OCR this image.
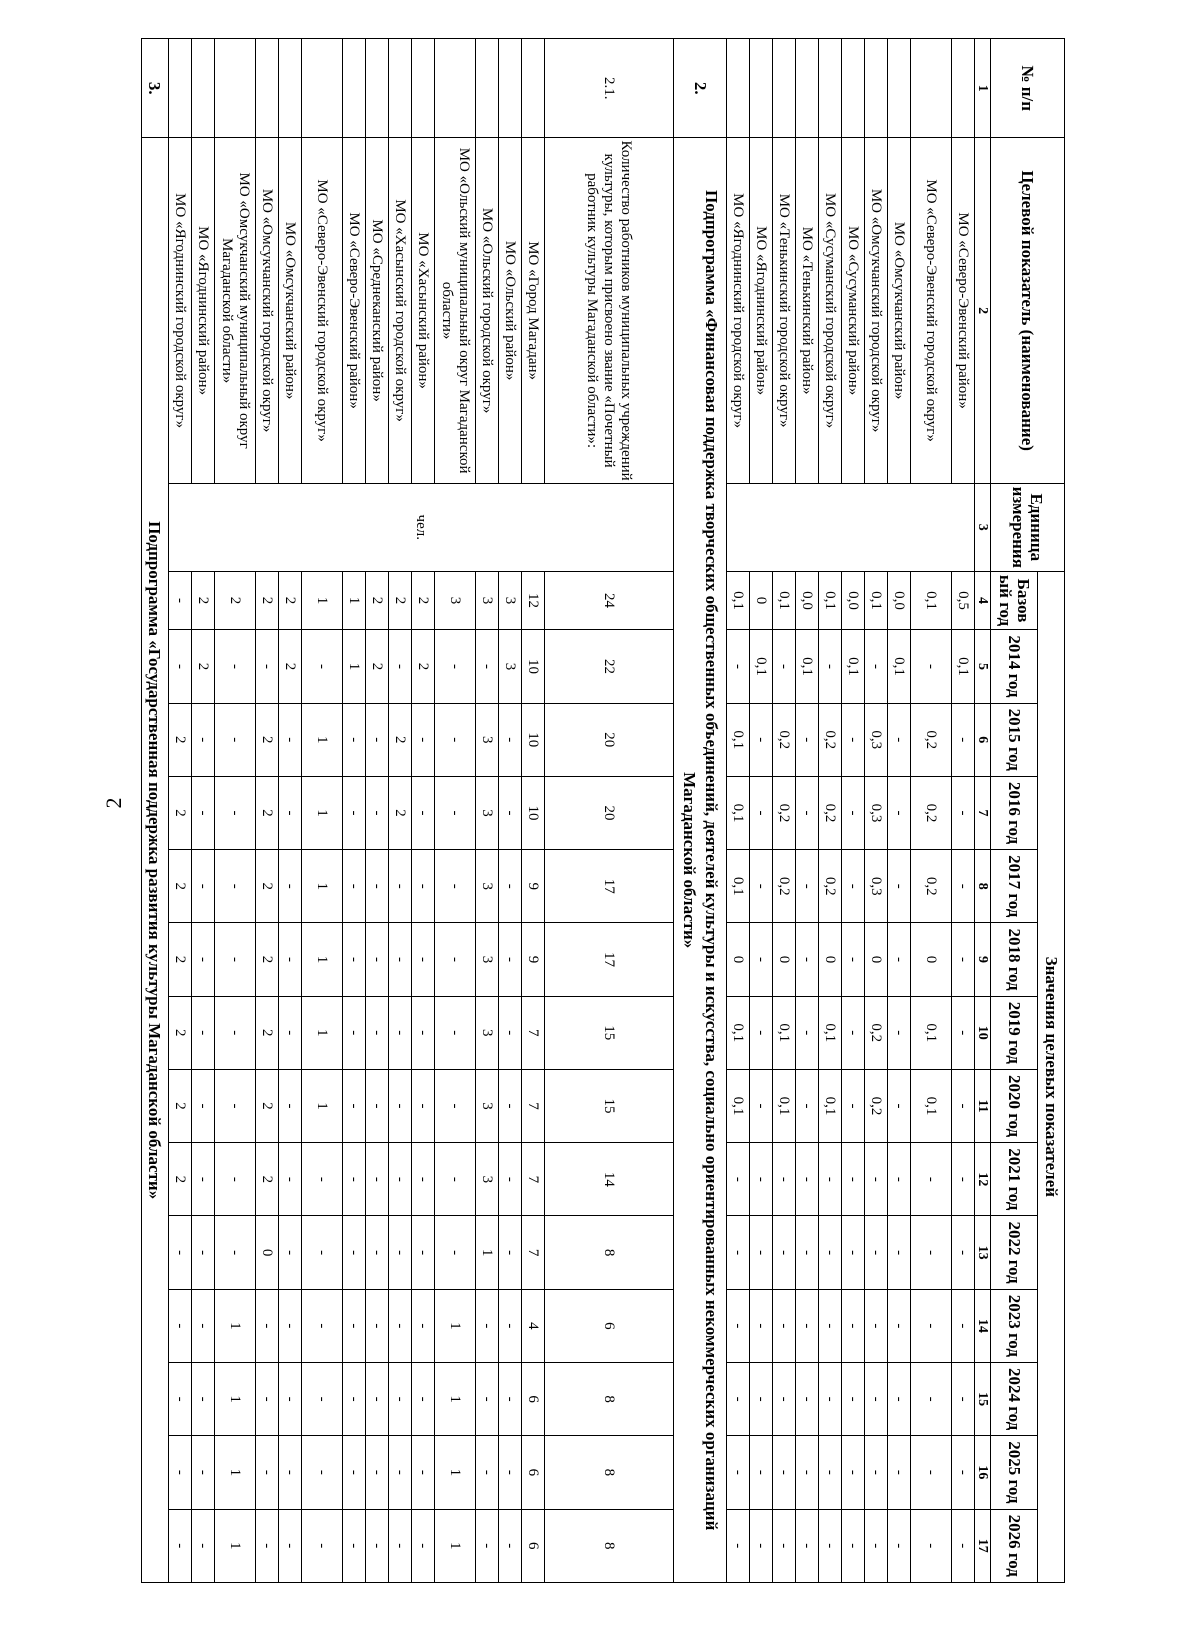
2
№ п/п	Целевой показатель (наименование)	Единица измерения	Значения целевых показателей													
			Базов ый год	2014 год	2015 год	2016 год	2017 год	2018 год	2019 год	2020 год	2021 год	2022 год	2023 год	2024 год	2025 год	2026 год
1	2	3	4	5	6	7	8	9	10	11	12	13	14	15	16	17
	МО «Северо-Эвенский район»		0,5	0,1	-	-	-	-	-	-	-	-	-	-	-	-
	МО «Северо-Эвенский городской округ»		0,1	-	0,2	0,2	0,2	0	0,1	0,1	-	-	-	-	-	-
	МО «Омсукчанский район»		0,0	0,1	-	-	-	-	-	-	-	-	-	-	-	-
	МО «Омсукчанский городской округ»		0,1	-	0,3	0,3	0,3	0	0,2	0,2	-	-	-	-	-	-
	МО «Сусуманский район»		0,0	0,1	-	-	-	-	-	-	-	-	-	-	-	-
	МО «Сусуманский городской округ»		0,1	-	0,2	0,2	0,2	0	0,1	0,1	-	-	-	-	-	-
	МО «Тенькинский район»		0,0	0,1	-	-	-	-	-	-	-	-	-	-	-	-
	МО «Тенькинский городской округ»		0,1	-	0,2	0,2	0,2	0	0,1	0,1	-	-	-	-	-	-
	МО «Ягоднинский район»		0	0,1	-	-	-	-	-	-	-	-	-	-	-	-
	МО «Ягоднинский городской округ»		0,1	-	0,1	0,1	0,1	0	0,1	0,1	-	-	-	-	-	-
2.	Подпрограмма «Финансовая поддержка творческих общественных объединений, деятелей культуры и искусства, социально ориентированных некоммерческих организаций Магаданской области»															
2.1.	Количество работников муниципальных учреждений культуры, которым присвоено звание «Почетный работник культуры Магаданской области»:	чел.	24	22	20	20	17	17	15	15	14	8	6	8	8	8
	МО «Город Магадан»		12	10	10	10	9	9	7	7	7	7	4	6	6	6
	МО «Ольский район»		3	3	-	-	-	-	-	-	-	-	-	-	-	-
	МО «Ольский городской округ»		3	-	3	3	3	3	3	3	3	1	-	-	-	-
	МО «Ольский муниципальный округ Магаданской области»		3	-	-	-	-	-	-	-	-	-	1	1	1	1
	МО «Хасынский район»		2	2	-	-	-	-	-	-	-	-	-	-	-	-
	МО «Хасынский городской округ»		2	-	2	2	-	-	-	-	-	-	-	-	-	-
	МО «Среднеканский район»		2	2	-	-	-	-	-	-	-	-	-	-	-	-
	МО «Северо-Эвенский район»		1	1	-	-	-	-	-	-	-	-	-	-	-	-
	МО «Северо-Эвенский городской округ»		1	-	1	1	1	1	1	1	-	-	-	-	-	-
	МО «Омсукчанский район»		2	2	-	-	-	-	-	-	-	-	-	-	-	-
	МО «Омсукчанский городской округ»		2	-	2	2	2	2	2	2	2	0	-	-	-	-
	МО «Омсукчанский муниципальный округ Магаданской области»		2	-	-	-	-	-	-	-	-	-	1	1	1	1
	МО «Ягоднинский район»		2	2	-	-	-	-	-	-	-	-	-	-	-	-
	МО «Ягоднинский городской округ»		-	-	2	2	2	2	2	2	2	-	-	-	-	-
3.	Подпрограмма «Государственная поддержка развития культуры Магаданской области»															
